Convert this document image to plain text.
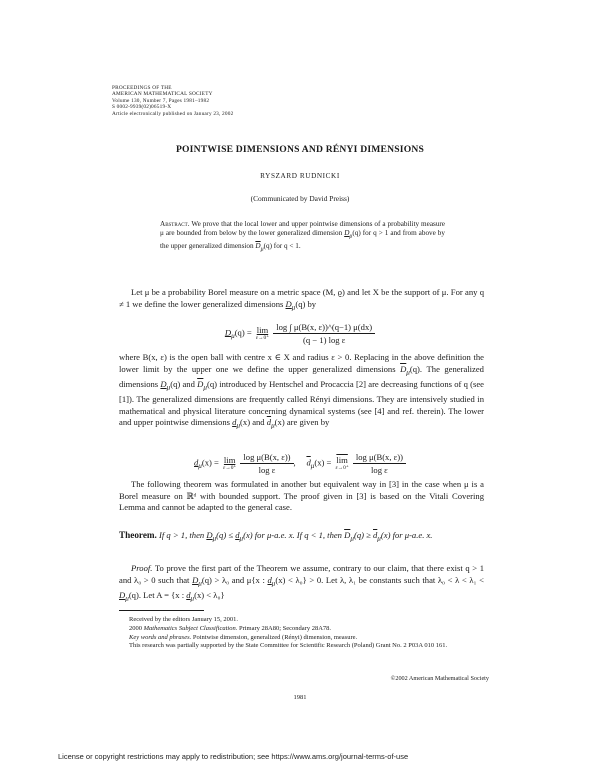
PROCEEDINGS OF THE
AMERICAN MATHEMATICAL SOCIETY
Volume 130, Number 7, Pages 1981–1982
S 0002-9939(02)06519-X
Article electronically published on January 23, 2002
POINTWISE DIMENSIONS AND RÉNYI DIMENSIONS
RYSZARD RUDNICKI
(Communicated by David Preiss)
Abstract. We prove that the local lower and upper pointwise dimensions of a probability measure μ are bounded from below by the lower generalized dimension $D_\mu(q)$ for q > 1 and from above by the upper generalized dimension $\overline{D}_\mu(q)$ for q < 1.
Let μ be a probability Borel measure on a metric space (M, ϱ) and let X be the support of μ. For any q ≠ 1 we define the lower generalized dimensions $D_\mu(q)$ by
$D_\mu(q) = \lim$
ε→0⁺
$\frac{\log \int \mu(B(x, \varepsilon))\^{}(q-1) \mu(dx)}{\text{(q − 1) log ε}}$
where B(x, ε) is the open ball with centre x ∈ X and radius ε > 0. Replacing in the above definition the lower limit by the upper one we define the upper generalized dimensions $\overline{D}_\mu(q)$. The generalized dimensions $D_\mu(q)$ and $\overline{D}_\mu(q)$ introduced by Hentschel and Procaccia [2] are decreasing functions of q (see [1]). The generalized dimensions are frequently called Rényi dimensions. They are intensively studied in mathematical and physical literature concerning dynamical systems (see [4] and ref. therein). The lower and upper pointwise dimensions $d_\mu(x)$ and $\overline{d}_\mu(x)$ are given by
$d_\mu(x) = \lim$
ε→0⁺
$\frac{\text{log μ(B(x, ε))}}{\text{log ε}}$ ,     $\overline{d}_\mu(x) = \overline{lim}$
ε→0⁺
$\frac{\text{log μ(B(x, ε))}}{\text{log ε}}$
The following theorem was formulated in another but equivalent way in [3] in the case when μ is a Borel measure on ℝᵈ with bounded support. The proof given in [3] is based on the Vitali Covering Lemma and cannot be adapted to the general case.
Theorem. If q > 1, then $D_\mu(q) \le d_\mu(x)$ for μ-a.e. x. If q < 1, then $\overline{D}_\mu(q) \ge \overline{d}_\mu(x)$ for μ-a.e. x.
Proof. To prove the first part of the Theorem we assume, contrary to our claim, that there exist q > 1 and λ₀ > 0 such that $D_\mu(q) > \lambda_0$ and μ{x : $d_\mu(x) < \lambda_0\} > 0$. Let λ, λ₁ be constants such that $\lambda_0 < \lambda < \lambda_1 < D_\mu(q)$. Let A = {x : $d_\mu(x) < \lambda_0$}

Received by the editors January 15, 2001.

2000 Mathematics Subject Classification. Primary 28A80; Secondary 28A78.

Key words and phrases. Pointwise dimension, generalized (Rényi) dimension, measure.

This research was partially supported by the State Committee for Scientific Research (Poland) Grant No. 2 P03A 010 161.

©2002 American Mathematical Society
1981
License or copyright restrictions may apply to redistribution; see https://www.ams.org/journal-terms-of-use
